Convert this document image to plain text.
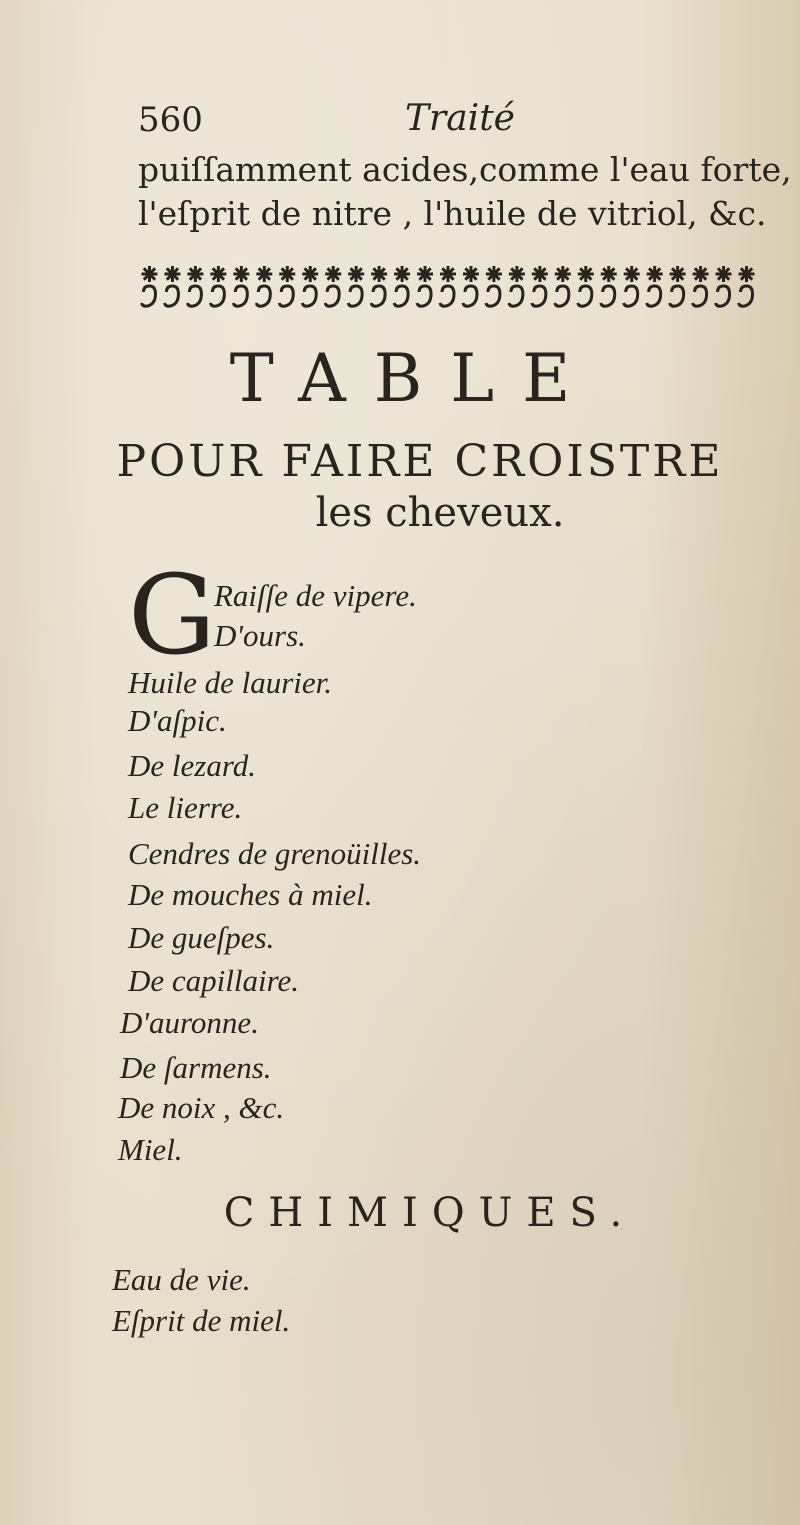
560	Traité
puiſſamment acides,comme l'eau forte,
l'eſprit de nitre , l'huile de vitriol, &c.
TABLE
POUR FAIRE CROISTRE
les cheveux.
G
Raiſſe de vipere.
D'ours.
Huile de laurier.
D'aſpic.
De lezard.
Le lierre.
Cendres de grenoüilles.
De mouches à miel.
De gueſpes.
De capillaire.
D'auronne.
De ſarmens.
De noix , &c.
Miel.
CHIMIQUES.
Eau de vie.
Eſprit de miel.
